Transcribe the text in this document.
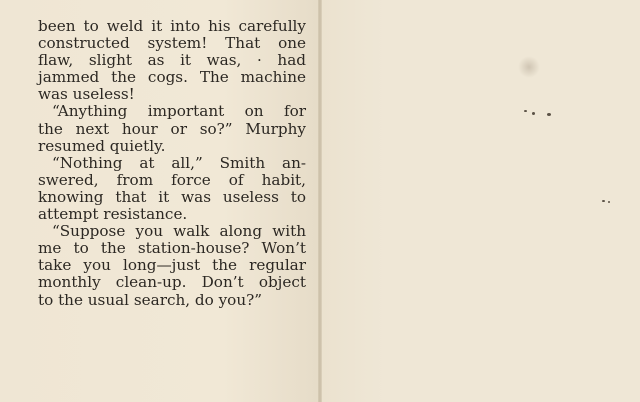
been to weld it into his carefully
constructed system! That one
flaw, slight as it was, · had
jammed the cogs. The machine
was useless!
“Anything important on for
the next hour or so?” Murphy
resumed quietly.
“Nothing at all,” Smith an-
swered, from force of habit,
knowing that it was useless to
attempt resistance.
“Suppose you walk along with
me to the station-house? Won’t
take you long—just the regular
monthly clean-up. Don’t object
to the usual search, do you?”
